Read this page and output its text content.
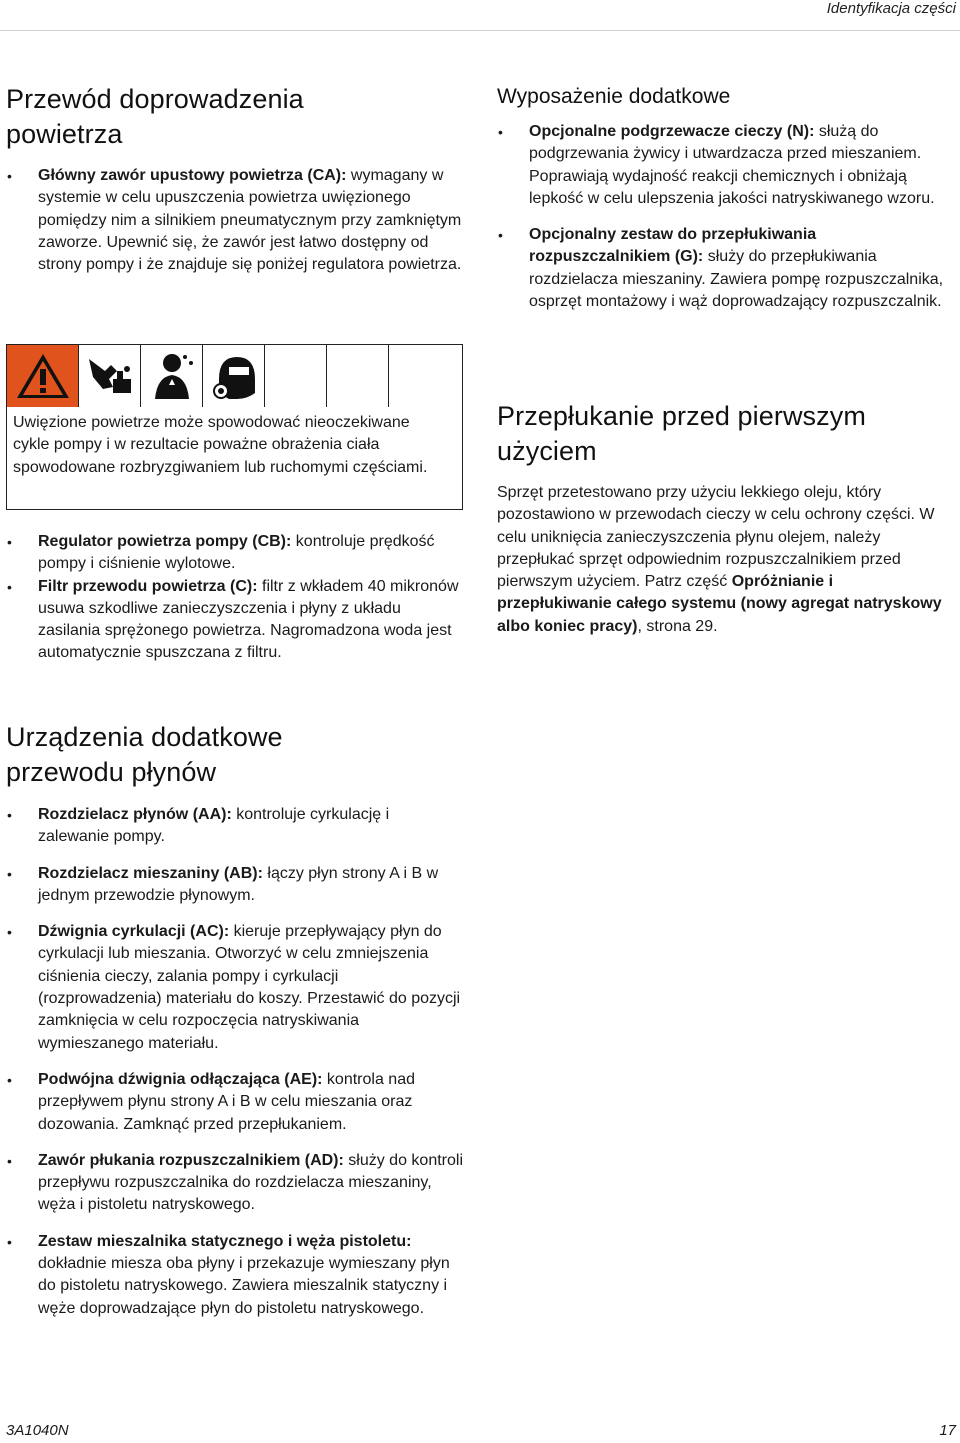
Identyfikacja części
Przewód doprowadzenia powietrza
• Główny zawór upustowy powietrza (CA): wymagany w systemie w celu upuszczenia powietrza uwięzionego pomiędzy nim a silnikiem pneumatycznym przy zamkniętym zaworze. Upewnić się, że zawór jest łatwo dostępny od strony pompy i że znajduje się poniżej regulatora powietrza.
Uwięzione powietrze może spowodować nieoczekiwane cykle pompy i w rezultacie poważne obrażenia ciała spowodowane rozbryzgiwaniem lub ruchomymi częściami.
• Regulator powietrza pompy (CB): kontroluje prędkość pompy i ciśnienie wylotowe.
• Filtr przewodu powietrza (C): filtr z wkładem 40 mikronów usuwa szkodliwe zanieczyszczenia i płyny z układu zasilania sprężonego powietrza. Nagromadzona woda jest automatycznie spuszczana z filtru.
Urządzenia dodatkowe przewodu płynów
• Rozdzielacz płynów (AA): kontroluje cyrkulację i zalewanie pompy.
• Rozdzielacz mieszaniny (AB): łączy płyn strony A i B w jednym przewodzie płynowym.
• Dźwignia cyrkulacji (AC): kieruje przepływający płyn do cyrkulacji lub mieszania. Otworzyć w celu zmniejszenia ciśnienia cieczy, zalania pompy i cyrkulacji (rozprowadzenia) materiału do koszy. Przestawić do pozycji zamknięcia w celu rozpoczęcia natryskiwania wymieszanego materiału.
• Podwójna dźwignia odłączająca (AE): kontrola nad przepływem płynu strony A i B w celu mieszania oraz dozowania. Zamknąć przed przepłukaniem.
• Zawór płukania rozpuszczalnikiem (AD): służy do kontroli przepływu rozpuszczalnika do rozdzielacza mieszaniny, węża i pistoletu natryskowego.
• Zestaw mieszalnika statycznego i węża pistoletu: dokładnie miesza oba płyny i przekazuje wymieszany płyn do pistoletu natryskowego. Zawiera mieszalnik statyczny i węże doprowadzające płyn do pistoletu natryskowego.
Wyposażenie dodatkowe
• Opcjonalne podgrzewacze cieczy (N): służą do podgrzewania żywicy i utwardzacza przed mieszaniem. Poprawiają wydajność reakcji chemicznych i obniżają lepkość w celu ulepszenia jakości natryskiwanego wzoru.
• Opcjonalny zestaw do przepłukiwania rozpuszczalnikiem (G): służy do przepłukiwania rozdzielacza mieszaniny. Zawiera pompę rozpuszczalnika, osprzęt montażowy i wąż doprowadzający rozpuszczalnik.
Przepłukanie przed pierwszym użyciem

Sprzęt przetestowano przy użyciu lekkiego oleju, który pozostawiono w przewodach cieczy w celu ochrony części. W celu uniknięcia zanieczyszczenia płynu olejem, należy przepłukać sprzęt odpowiednim rozpuszczalnikiem przed pierwszym użyciem. Patrz część Opróżnianie i przepłukiwanie całego systemu (nowy agregat natryskowy albo koniec pracy), strona 29.

3A1040N	17
